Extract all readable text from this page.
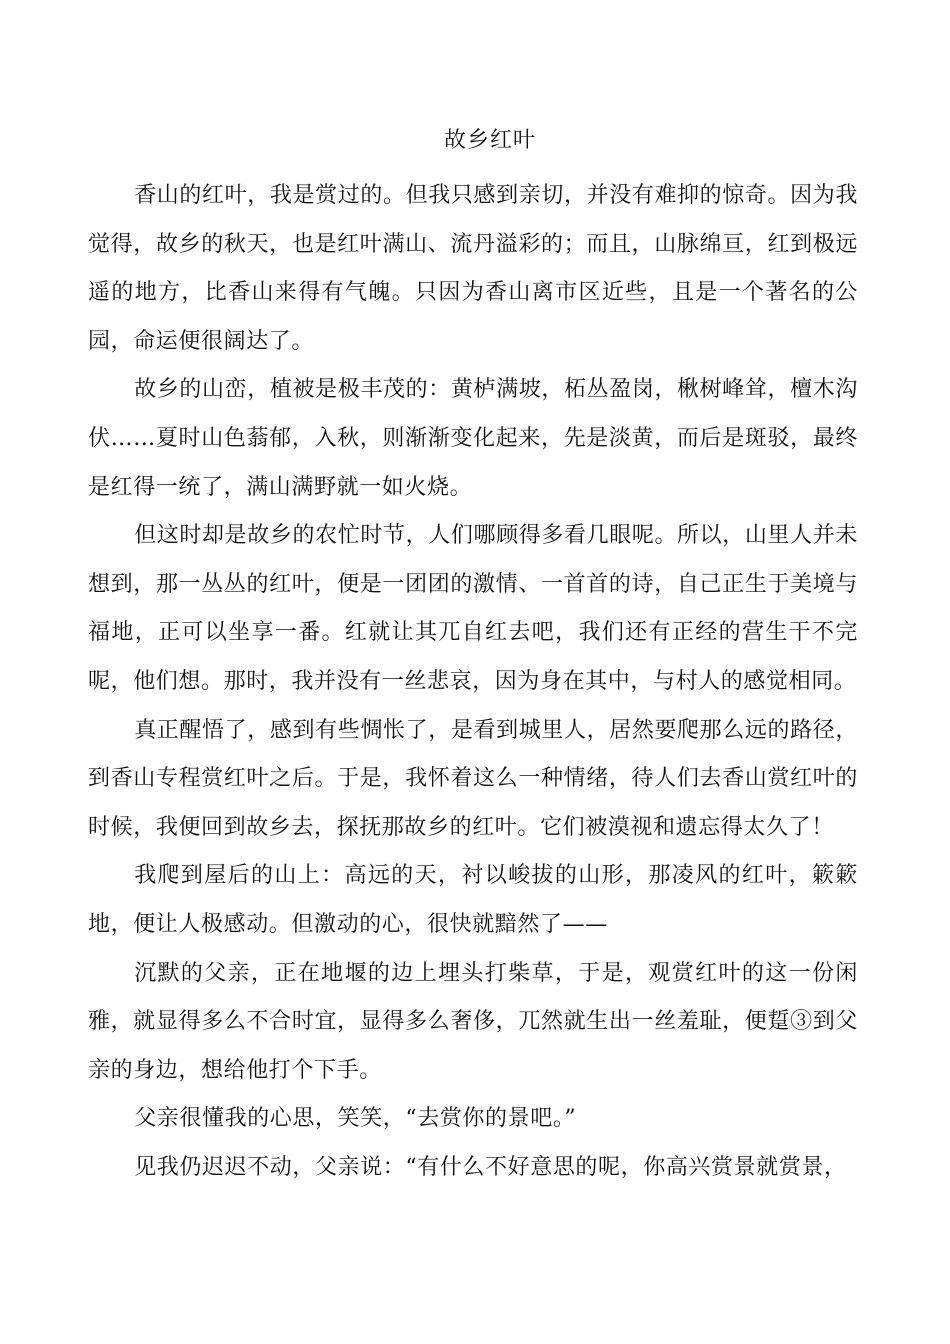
故乡红叶

香山的红叶，我是赏过的。但我只感到亲切，并没有难抑的惊奇。因为我觉得，故乡的秋天，也是红叶满山、流丹溢彩的；而且，山脉绵亘，红到极远遥的地方，比香山来得有气魄。只因为香山离市区近些，且是一个著名的公园，命运便很阔达了。

故乡的山峦，植被是极丰茂的：黄栌满坡，柘丛盈岗，楸树峰耸，檀木沟伏……夏时山色蓊郁，入秋，则渐渐变化起来，先是淡黄，而后是斑驳，最终是红得一统了，满山满野就一如火烧。

但这时却是故乡的农忙时节，人们哪顾得多看几眼呢。所以，山里人并未想到，那一丛丛的红叶，便是一团团的激情、一首首的诗，自己正生于美境与福地，正可以坐享一番。红就让其兀自红去吧，我们还有正经的营生干不完呢，他们想。那时，我并没有一丝悲哀，因为身在其中，与村人的感觉相同。

真正醒悟了，感到有些惆怅了，是看到城里人，居然要爬那么远的路径，到香山专程赏红叶之后。于是，我怀着这么一种情绪，待人们去香山赏红叶的时候，我便回到故乡去，探抚那故乡的红叶。它们被漠视和遗忘得太久了！

我爬到屋后的山上：高远的天，衬以峻拔的山形，那凌风的红叶，簌簌地，便让人极感动。但激动的心，很快就黯然了——

沉默的父亲，正在地堰的边上埋头打柴草，于是，观赏红叶的这一份闲雅，就显得多么不合时宜，显得多么奢侈，兀然就生出一丝羞耻，便踅③到父亲的身边，想给他打个下手。

父亲很懂我的心思，笑笑，“去赏你的景吧。”

见我仍迟迟不动，父亲说：“有什么不好意思的呢，你高兴赏景就赏景，
